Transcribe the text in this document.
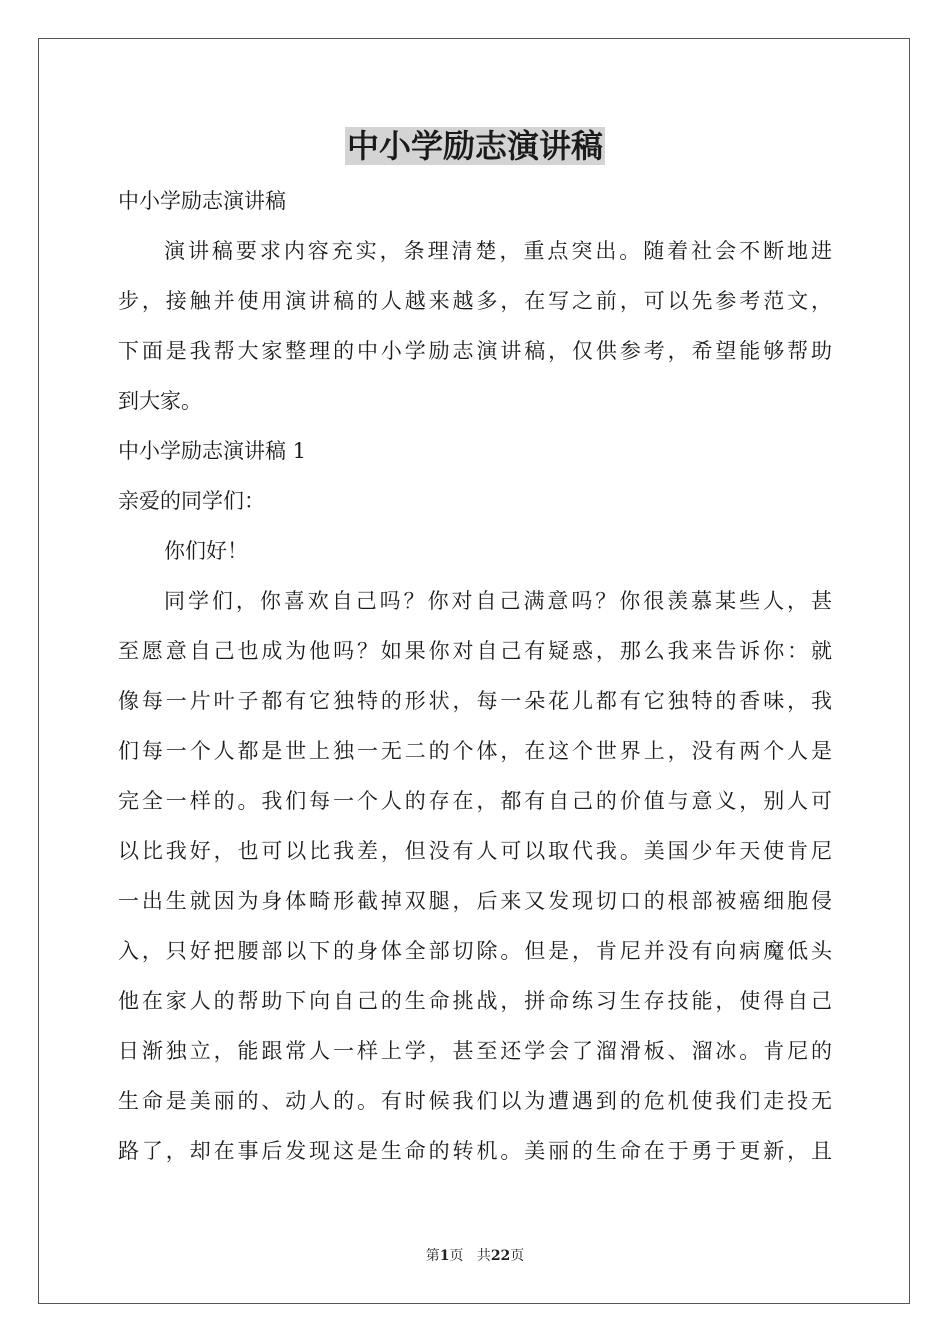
中小学励志演讲稿
中小学励志演讲稿
演讲稿要求内容充实，条理清楚，重点突出。随着社会不断地进
步，接触并使用演讲稿的人越来越多，在写之前，可以先参考范文，
下面是我帮大家整理的中小学励志演讲稿，仅供参考，希望能够帮助
到大家。
中小学励志演讲稿 1
亲爱的同学们：
你们好！
同学们，你喜欢自己吗？你对自己满意吗？你很羡慕某些人，甚
至愿意自己也成为他吗？如果你对自己有疑惑，那么我来告诉你：就
像每一片叶子都有它独特的形状，每一朵花儿都有它独特的香味，我
们每一个人都是世上独一无二的个体，在这个世界上，没有两个人是
完全一样的。我们每一个人的存在，都有自己的价值与意义，别人可
以比我好，也可以比我差，但没有人可以取代我。美国少年天使肯尼
一出生就因为身体畸形截掉双腿，后来又发现切口的根部被癌细胞侵
入，只好把腰部以下的身体全部切除。但是，肯尼并没有向病魔低头
他在家人的帮助下向自己的生命挑战，拼命练习生存技能，使得自己
日渐独立，能跟常人一样上学，甚至还学会了溜滑板、溜冰。肯尼的
生命是美丽的、动人的。有时候我们以为遭遇到的危机使我们走投无
路了，却在事后发现这是生命的转机。美丽的生命在于勇于更新，且
第1页 共22页
